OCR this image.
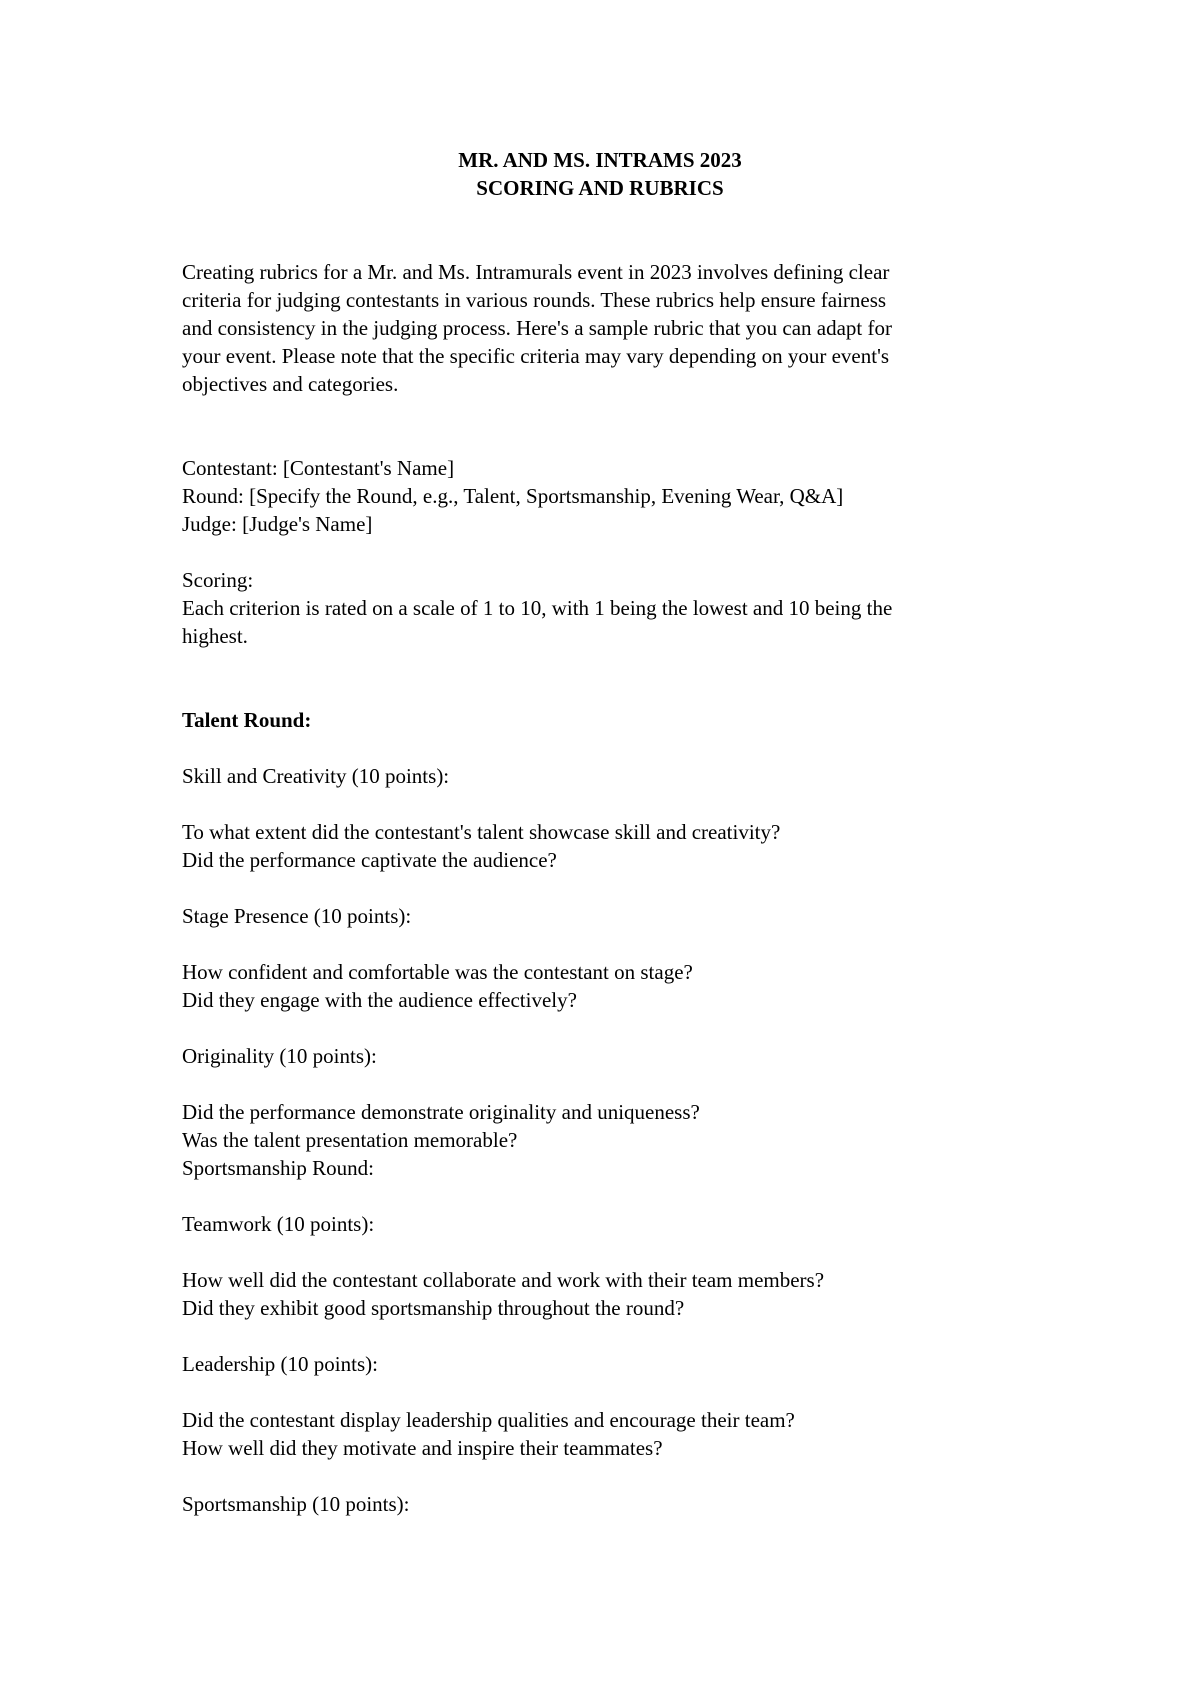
MR. AND MS. INTRAMS 2023
SCORING AND RUBRICS
Creating rubrics for a Mr. and Ms. Intramurals event in 2023 involves defining clear
criteria for judging contestants in various rounds. These rubrics help ensure fairness
and consistency in the judging process. Here's a sample rubric that you can adapt for
your event. Please note that the specific criteria may vary depending on your event's
objectives and categories.
Contestant: [Contestant's Name]
Round: [Specify the Round, e.g., Talent, Sportsmanship, Evening Wear, Q&A]
Judge: [Judge's Name]
Scoring:
Each criterion is rated on a scale of 1 to 10, with 1 being the lowest and 10 being the
highest.
Talent Round:
Skill and Creativity (10 points):
To what extent did the contestant's talent showcase skill and creativity?
Did the performance captivate the audience?
Stage Presence (10 points):
How confident and comfortable was the contestant on stage?
Did they engage with the audience effectively?
Originality (10 points):
Did the performance demonstrate originality and uniqueness?
Was the talent presentation memorable?
Sportsmanship Round:
Teamwork (10 points):
How well did the contestant collaborate and work with their team members?
Did they exhibit good sportsmanship throughout the round?
Leadership (10 points):
Did the contestant display leadership qualities and encourage their team?
How well did they motivate and inspire their teammates?
Sportsmanship (10 points):
